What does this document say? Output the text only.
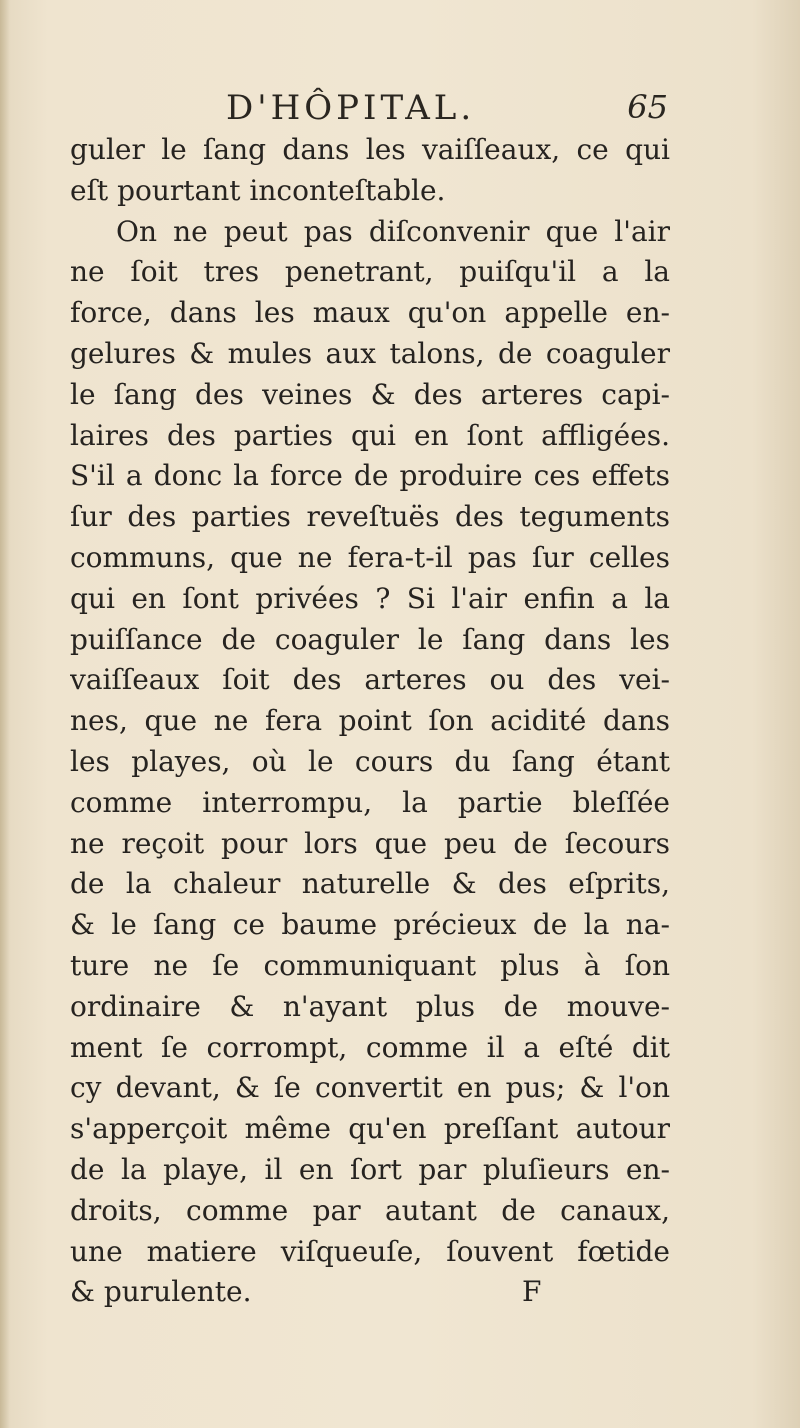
D'HÔPITAL.	65
guler le ſang dans les vaiſſeaux, ce qui
eſt pourtant inconteſtable.
On ne peut pas diſconvenir que l'air
ne ſoit tres penetrant, puiſqu'il a la
force, dans les maux qu'on appelle en-
gelures & mules aux talons, de coaguler
le ſang des veines & des arteres capi-
laires des parties qui en ſont affligées.
S'il a donc la force de produire ces effets
ſur des parties reveſtuës des teguments
communs, que ne fera-t-il pas ſur celles
qui en ſont privées ? Si l'air enfin a la
puiſſance de coaguler le ſang dans les
vaiſſeaux ſoit des arteres ou des vei-
nes, que ne fera point ſon acidité dans
les playes, où le cours du ſang étant
comme interrompu, la partie bleſſée
ne reçoit pour lors que peu de ſecours
de la chaleur naturelle & des eſprits,
& le ſang ce baume précieux de la na-
ture ne ſe communiquant plus à ſon
ordinaire & n'ayant plus de mouve-
ment ſe corrompt, comme il a eſté dit
cy devant, & ſe convertit en pus; & l'on
s'apperçoit même qu'en preſſant autour
de la playe, il en ſort par pluſieurs en-
droits, comme par autant de canaux,
une matiere viſqueuſe, ſouvent fœtide
& purulente.	F
